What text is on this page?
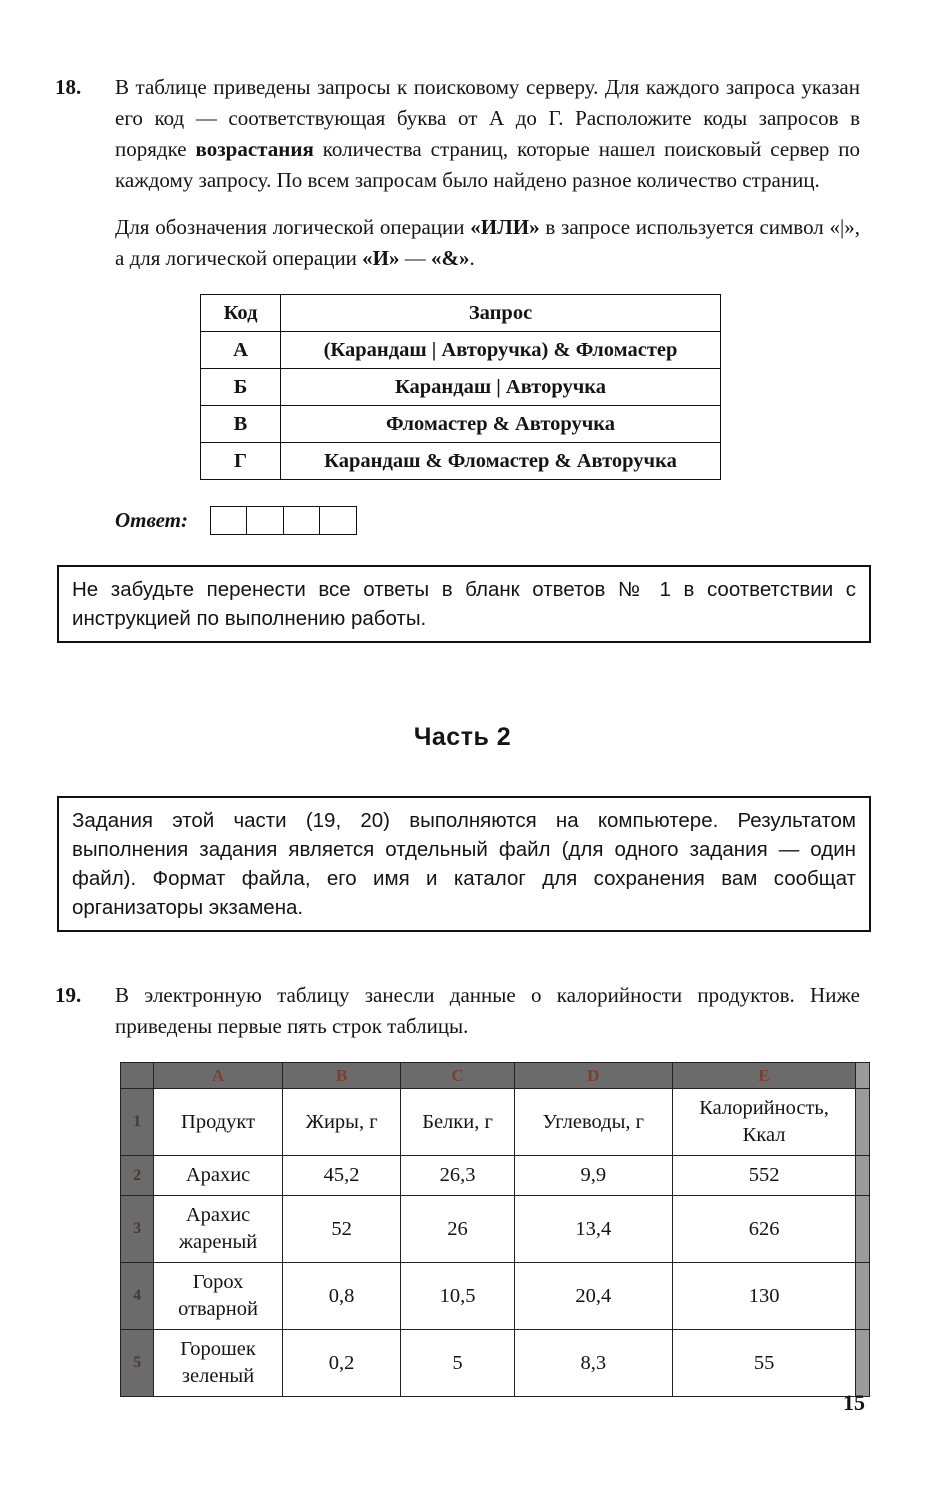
18.	В таблице приведены запросы к поисковому серверу. Для каждого запроса указан его код — соответствующая буква от А до Г. Расположите коды запросов в порядке возрастания количества страниц, которые нашел поисковый сервер по каждому запросу. По всем запросам было найдено разное количество страниц.

Для обозначения логической операции «ИЛИ» в запросе используется символ «|», а для логической операции «И» — «&».

Код	Запрос
А	(Карандаш | Авторучка) & Фломастер
Б	Карандаш | Авторучка
В	Фломастер & Авторучка
Г	Карандаш & Фломастер & Авторучка
Ответ:
Не забудьте перенести все ответы в бланк ответов № 1 в соответствии с инструкцией по выполнению работы.
Часть 2
Задания этой части (19, 20) выполняются на компьютере. Результатом выполнения задания является отдельный файл (для одного задания — один файл). Формат файла, его имя и каталог для сохранения вам сообщат организаторы экзамена.
19.	В электронную таблицу занесли данные о калорийности продуктов. Ниже приведены первые пять строк таблицы.

	A	B	C	D	E	
1	Продукт	Жиры, г	Белки, г	Углеводы, г	Калорийность, Ккал	
2	Арахис	45,2	26,3	9,9	552	
3	Арахис жареный	52	26	13,4	626	
4	Горох отварной	0,8	10,5	20,4	130	
5	Горошек зеленый	0,2	5	8,3	55	
15
